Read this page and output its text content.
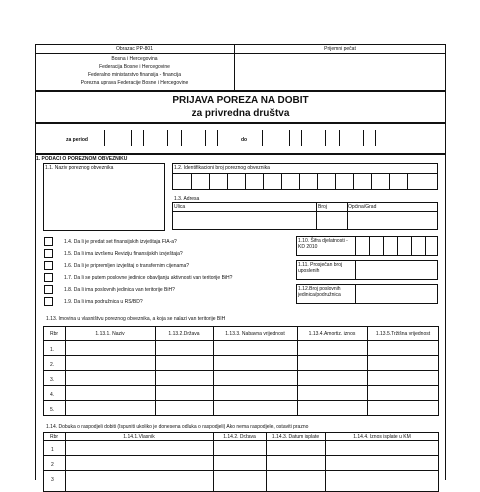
Obrazac PP-801	Prijemni pečat
Bosna i Hercegovina
Federacija Bosne i Hercegovine
Federalno ministarstvo finansija - financija
Porezna uprava Federacije Bosne i Hercegovine
PRIJAVA POREZA NA DOBIT
za privredna društva
za period	do
1. PODACI O POREZNOM OBVEZNIKU
1.1. Naziv poreznog obveznika	1.2. Identifikacioni broj poreznog obveznika
1.3. Adresa
Ulica	Broj	Općina/Grad
1.4. Da li je predat set finansijskih izvještaja FIA-a?
1.5. Da li ima izvršenu Reviziju finansijskih izvještaja?
1.6. Da li je pripremljen izvještaj o transfernim cijenama?
1.7. Da li se putem poslovne jedinice obavljanju aktivnosti van teritorije BiH?
1.8. Da li ima poslovnih jedinica van teritorije BiH?
1.9. Da li ima podružnica u RS/BD?
1.10. Šifra djelatnosti - KD 2010
1.11. Prosječan broj uposlenih
1.12.Broj poslovnih jedinica/podružnica
1.13. Imovina u vlasništvu poreznog obveznika, a koja se nalazi van teritorije BIH
Rbr	1.13.1. Naziv	1.13.2.Država	1.13.3. Nabavna vrijednost	1.13.4.Amortiz. iznos	1.13.5.Tržišna vrijednost
1.
2.
3.
4.
5.
1.14. Dobuka o raspodjeli dobiti (Ispuniti ukoliko je donesena odluka o raspodjeli) Ako nema raspodjele, ostaviti prazno
Rbr	1.14.1.Vlasnik	1.14.2. Država	1.14.3. Datum isplate	1.14.4. Iznos isplate u KM
1
2
3
